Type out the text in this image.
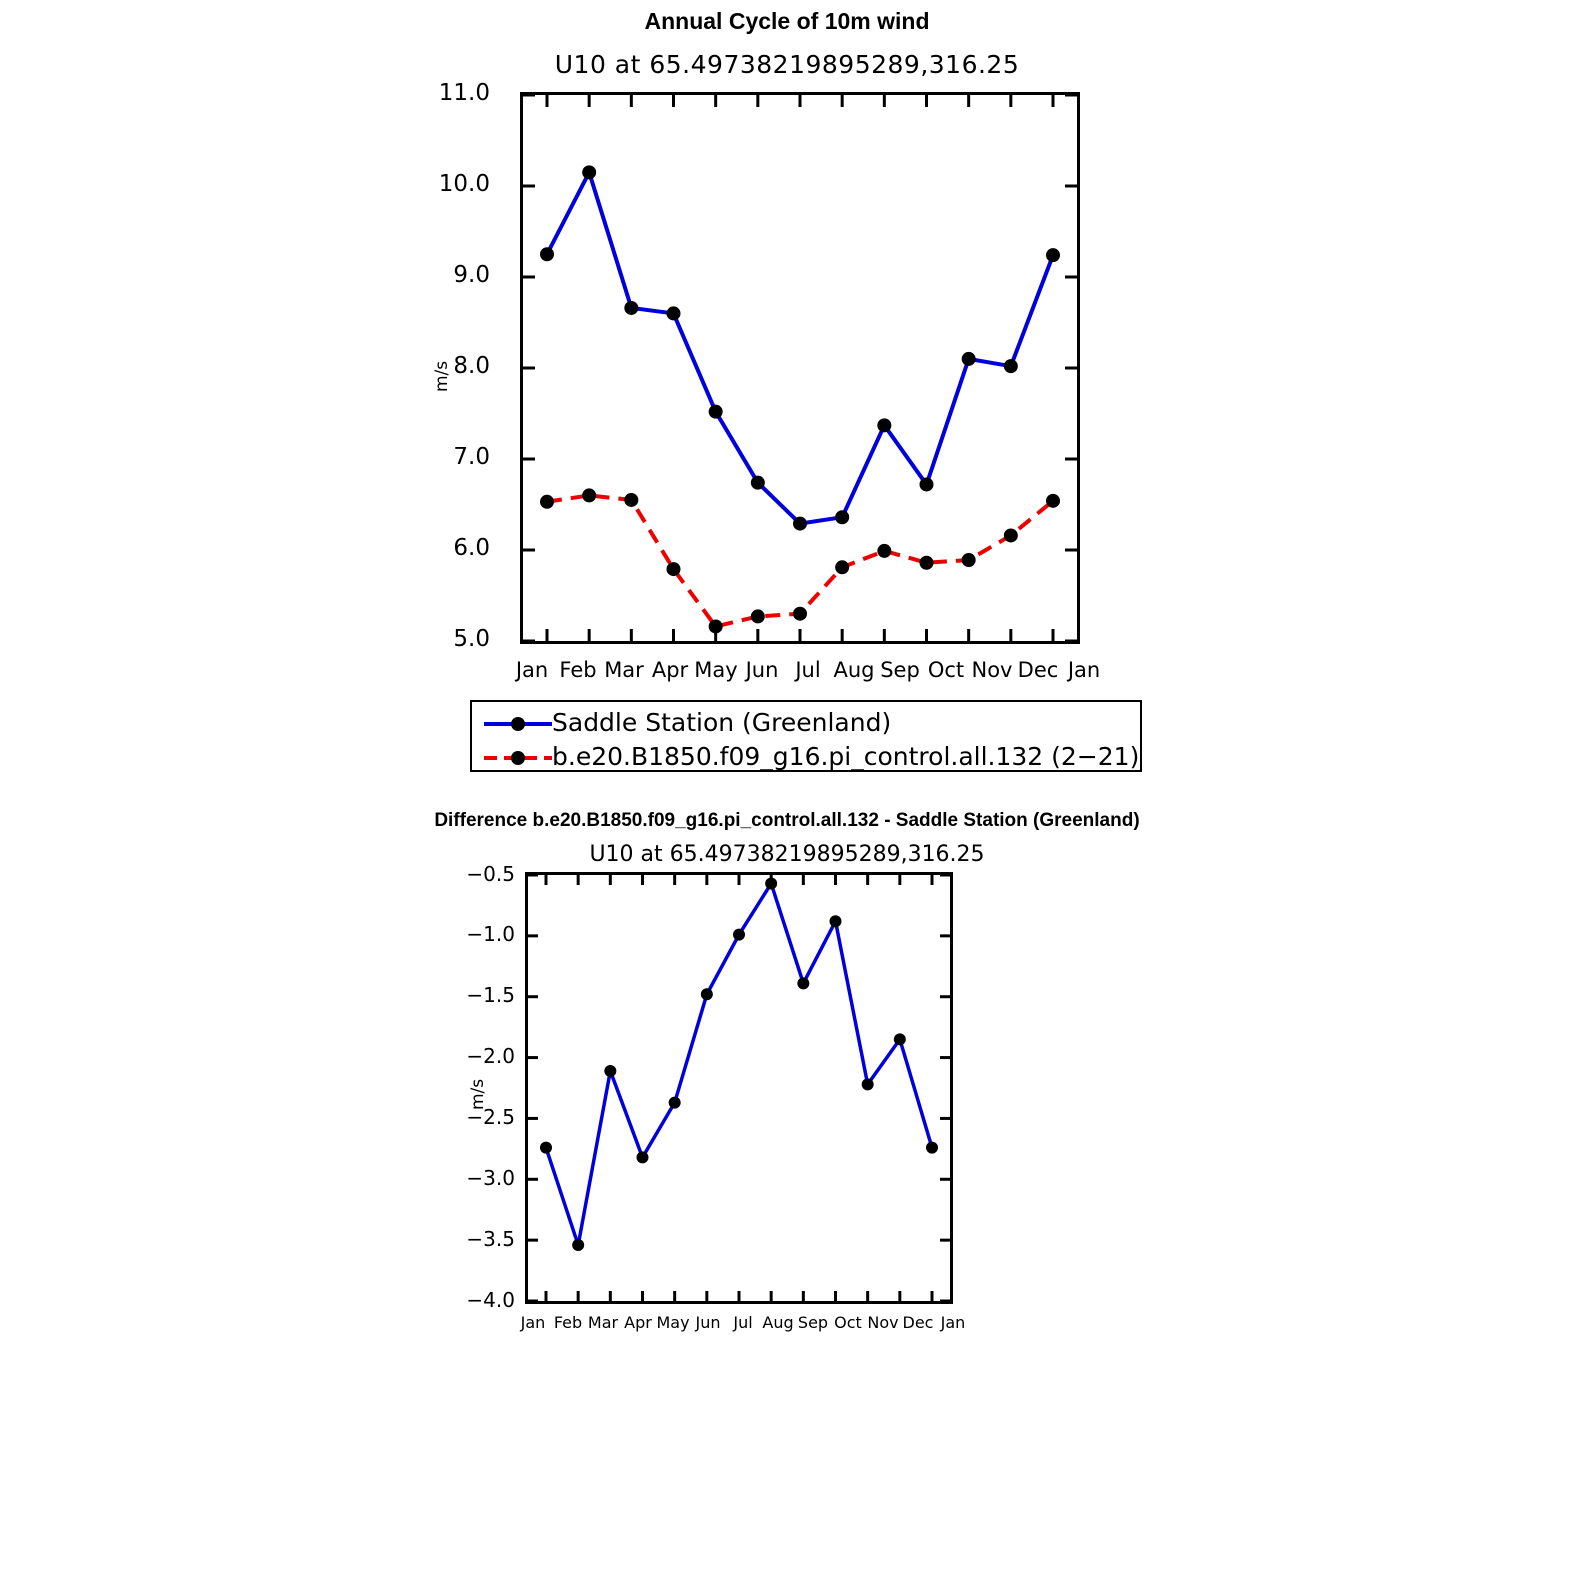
Annual Cycle of 10m wind
U10 at 65.49738219895289,316.25
m/s
11.0
10.0
9.0
8.0
7.0
6.0
5.0
Jan Feb Mar Apr May Jun Jul Aug Sep Oct Nov Dec Jan
Saddle Station (Greenland)
b.e20.B1850.f09_g16.pi_control.all.132 (2−21)
Difference b.e20.B1850.f09_g16.pi_control.all.132 - Saddle Station (Greenland)
U10 at 65.49738219895289,316.25
m/s
−0.5
−1.0
−1.5
−2.0
−2.5
−3.0
−3.5
−4.0
Jan Feb Mar Apr May Jun Jul Aug Sep Oct Nov Dec Jan
